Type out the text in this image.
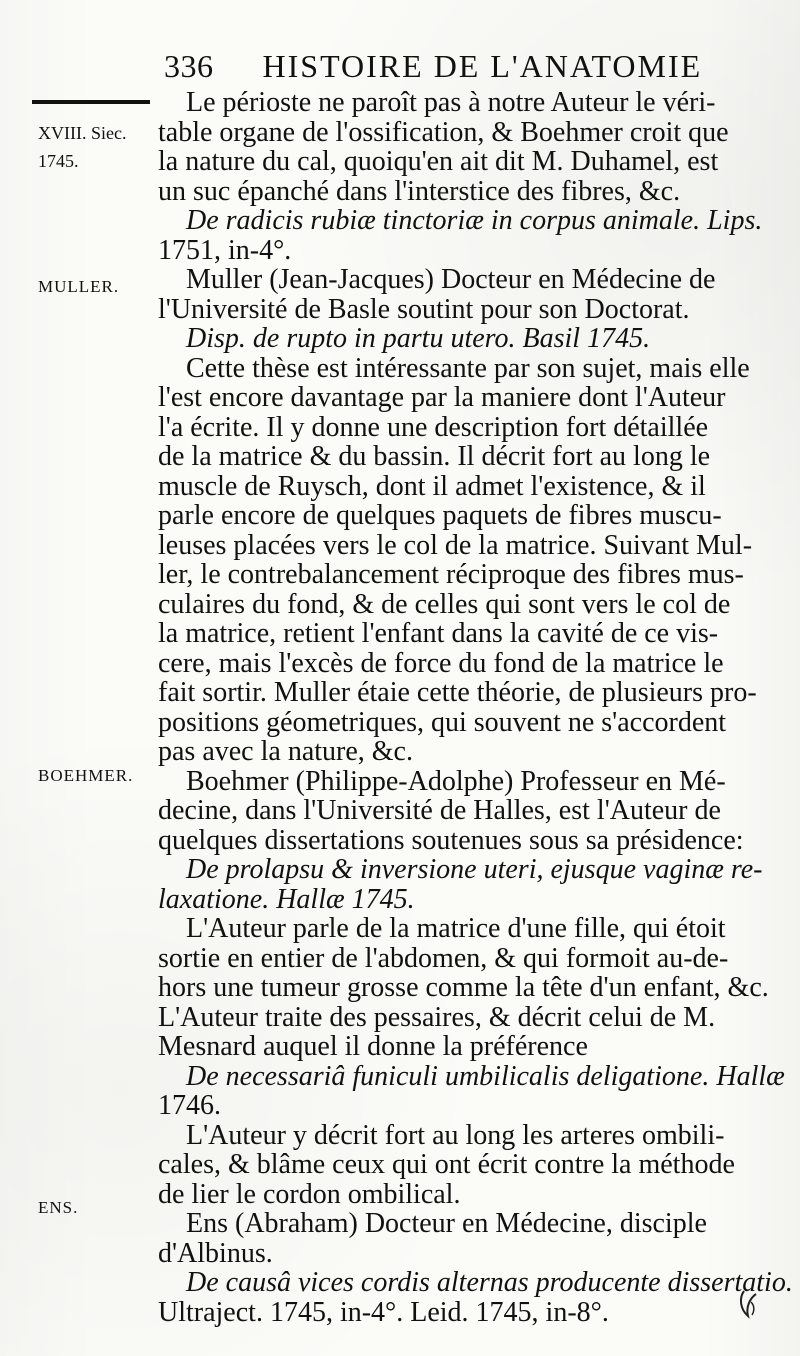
336 HISTOIRE DE L'ANATOMIE
XVIII. Siec.
1745.
MULLER.
BOEHMER.
ENS.
Le périoste ne paroît pas à notre Auteur le véri-
table organe de l'ossification, & Boehmer croit que
la nature du cal, quoiqu'en ait dit M. Duhamel, est
un suc épanché dans l'interstice des fibres, &c.
De radicis rubiæ tinctoriæ in corpus animale. Lips.
1751, in-4°.
Muller (Jean-Jacques) Docteur en Médecine de
l'Université de Basle soutint pour son Doctorat.
Disp. de rupto in partu utero. Basil 1745.
Cette thèse est intéressante par son sujet, mais elle
l'est encore davantage par la maniere dont l'Auteur
l'a écrite. Il y donne une description fort détaillée
de la matrice & du bassin. Il décrit fort au long le
muscle de Ruysch, dont il admet l'existence, & il
parle encore de quelques paquets de fibres muscu-
leuses placées vers le col de la matrice. Suivant Mul-
ler, le contrebalancement réciproque des fibres mus-
culaires du fond, & de celles qui sont vers le col de
la matrice, retient l'enfant dans la cavité de ce vis-
cere, mais l'excès de force du fond de la matrice le
fait sortir. Muller étaie cette théorie, de plusieurs pro-
positions géometriques, qui souvent ne s'accordent
pas avec la nature, &c.
Boehmer (Philippe-Adolphe) Professeur en Mé-
decine, dans l'Université de Halles, est l'Auteur de
quelques dissertations soutenues sous sa présidence:
De prolapsu & inversione uteri, ejusque vaginæ re-
laxatione. Hallæ 1745.
L'Auteur parle de la matrice d'une fille, qui étoit
sortie en entier de l'abdomen, & qui formoit au-de-
hors une tumeur grosse comme la tête d'un enfant, &c.
L'Auteur traite des pessaires, & décrit celui de M.
Mesnard auquel il donne la préférence
De necessariâ funiculi umbilicalis deligatione. Hallæ
1746.
L'Auteur y décrit fort au long les arteres ombili-
cales, & blâme ceux qui ont écrit contre la méthode
de lier le cordon ombilical.
Ens (Abraham) Docteur en Médecine, disciple
d'Albinus.
De causâ vices cordis alternas producente dissertatio.
Ultraject. 1745, in-4°. Leid. 1745, in-8°.
